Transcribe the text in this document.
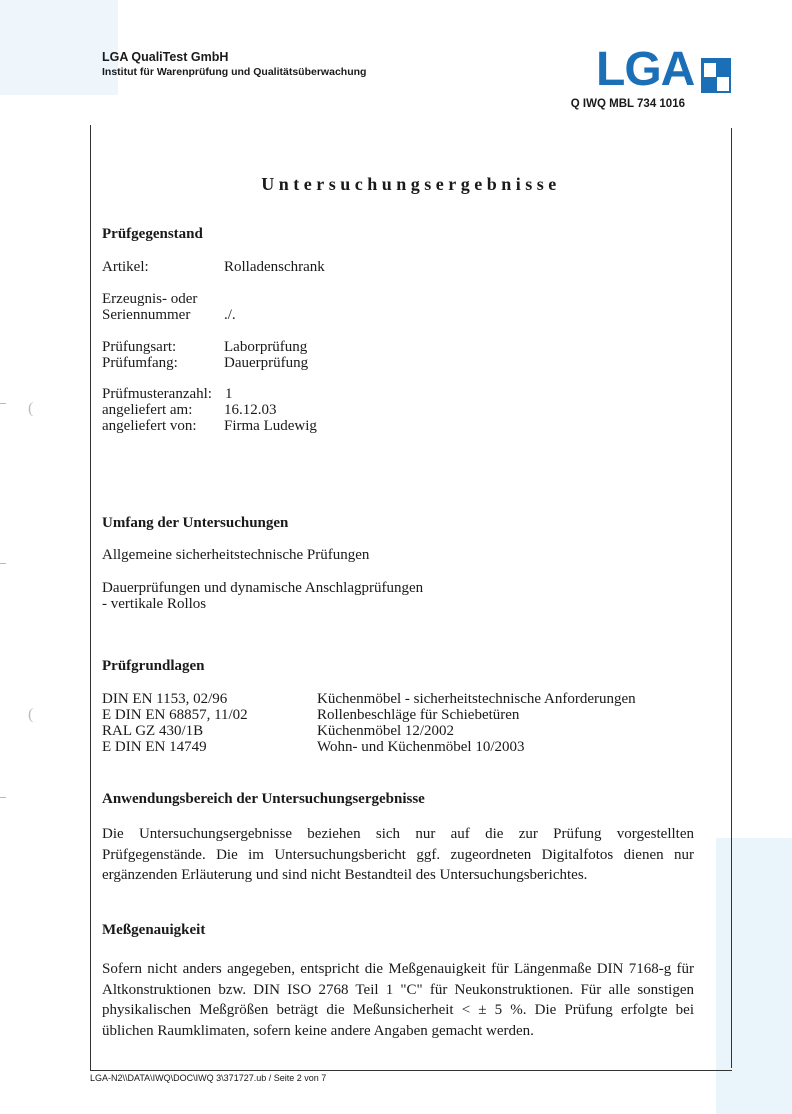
(
(
LGA QualiTest GmbH
Institut für Warenprüfung und Qualitätsüberwachung	LGA
Q IWQ MBL 734 1016
Untersuchungsergebnisse
Prüfgegenstand
Artikel:	Rolladenschrank
Erzeugnis- oder
Seriennummer ./.
Prüfungsart:	Laborprüfung
Prüfumfang:	Dauerprüfung
Prüfmusteranzahl: 1
angeliefert am: 16.12.03
angeliefert von: Firma Ludewig
Umfang der Untersuchungen
Allgemeine sicherheitstechnische Prüfungen
Dauerprüfungen und dynamische Anschlagprüfungen
- vertikale Rollos
Prüfgrundlagen
DIN EN 1153, 02/96	Küchenmöbel - sicherheitstechnische Anforderungen
E DIN EN 68857, 11/02	Rollenbeschläge für Schiebetüren
RAL GZ 430/1B	Küchenmöbel 12/2002
E DIN EN 14749	Wohn- und Küchenmöbel 10/2003
Anwendungsbereich der Untersuchungsergebnisse
Die Untersuchungsergebnisse beziehen sich nur auf die zur Prüfung vorgestellten Prüfgegenstände. Die im Untersuchungsbericht ggf. zugeordneten Digitalfotos dienen nur ergänzenden Erläuterung und sind nicht Bestandteil des Untersuchungsberichtes.
Meßgenauigkeit
Sofern nicht anders angegeben, entspricht die Meßgenauigkeit für Längenmaße DIN 7168-g für Altkonstruktionen bzw. DIN ISO 2768 Teil 1 "C" für Neukonstruktionen. Für alle sonstigen physikalischen Meßgrößen beträgt die Meßunsicherheit < ± 5 %. Die Prüfung erfolgte bei üblichen Raumklimaten, sofern keine andere Angaben gemacht werden.
LGA-N2\\DATA\IWQ\DOC\IWQ 3\371727.ub / Seite 2 von 7
